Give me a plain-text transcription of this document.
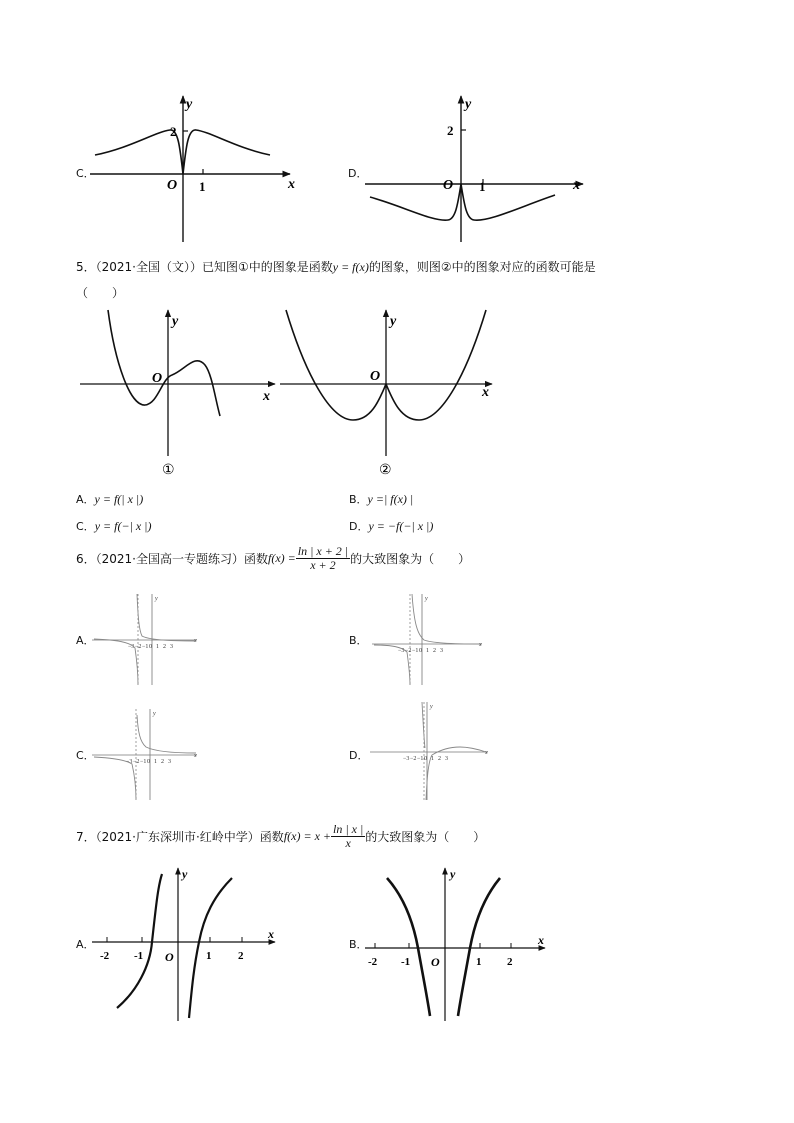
C．
y
x
O 1
2
D．
y
x
O 1
2
5．（2021·全国（文））已知图①中的图象是函数y = f(x)的图象，则图②中的图象对应的函数可能是
（　　）
y
x
O
①
y
x
O
②
A．y = f(| x |)	B．y =| f(x) |
C．y = f(−| x |)	D．y = −f(−| x |)
6．（2021·全国高一专题练习）函数$f(x) = \frac{\ln | x + 2 |}{x + 2}$ 的大致图象为（　　）
A．	−3 −2 −1 0 1 2 3
x
y
B．
−3 −2 −1 0 1 2 3
x
y
C．	−3 −2 −1 0 1 2 3
x
y
D．	−3 −2 −1 0 1 2 3
x
y
7．（2021·广东深圳市·红岭中学）函数$f(x) = x + \frac{\ln | x |}{x}$ 的大致图象为（　　）
A．
y
x
-2 -1 O	1 2
B．
y
x
-2 -1 O	1 2
